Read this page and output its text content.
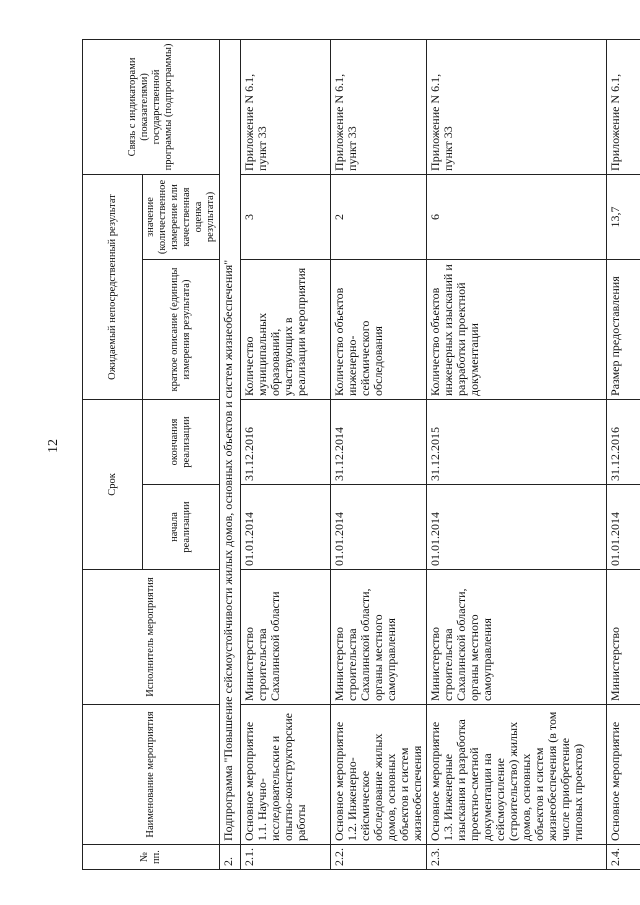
12
№ пп.	Наименование мероприятия	Исполнитель мероприятия	Срок		Ожидаемый непосредственный результат		Связь с индикаторами (показателями) государственной программы (подпрограммы)
			начала реализации	окончания реализации	краткое описание (единицы измерения результата)	значение (количественное измерение или качественная оценка результата)	
2.	Подпрограмма "Повышение сейсмоустойчивости жилых домов, основных объектов и систем жизнеобеспечения"						
2.1.	Основное мероприятие 1.1. Научно-исследовательские и опытно-конструкторские работы	Министерство строительства Сахалинской области	01.01.2014	31.12.2016	Количество муниципальных образований, участвующих в реализации мероприятия	3	Приложение N 6.1, пункт 33
2.2.	Основное мероприятие 1.2. Инженерно-сейсмическое обследование жилых домов, основных объектов и систем жизнеобеспечения	Министерство строительства Сахалинской области, органы местного самоуправления	01.01.2014	31.12.2014	Количество объектов инженерно-сейсмического обследования	2	Приложение N 6.1, пункт 33
2.3.	Основное мероприятие 1.3. Инженерные изыскания и разработка проектно-сметной документации на сейсмоусиление (строительство) жилых домов, основных объектов и систем жизнеобеспечения (в том числе приобретение типовых проектов)	Министерство строительства Сахалинской области, органы местного самоуправления	01.01.2014	31.12.2015	Количество объектов инженерных изысканий и разработки проектной документации	6	Приложение N 6.1, пункт 33
2.4.	Основное мероприятие	Министерство	01.01.2014	31.12.2016	Размер предоставления	13,7	Приложение N 6.1,
